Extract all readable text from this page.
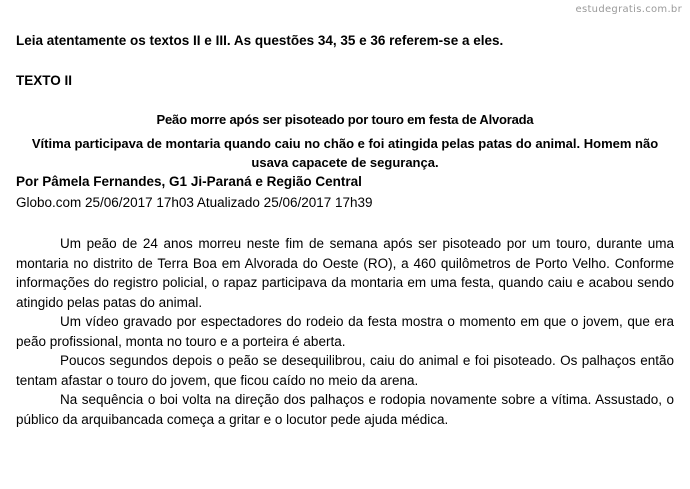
estudegratis.com.br

Leia atentamente os textos II e III. As questões 34, 35 e 36 referem-se a eles.

TEXTO II

Peão morre após ser pisoteado por touro em festa de Alvorada

Vítima participava de montaria quando caiu no chão e foi atingida pelas patas do animal. Homem não usava capacete de segurança.

Por Pâmela Fernandes, G1 Ji-Paraná e Região Central

Globo.com 25/06/2017 17h03 Atualizado 25/06/2017 17h39

Um peão de 24 anos morreu neste fim de semana após ser pisoteado por um touro, durante uma montaria no distrito de Terra Boa em Alvorada do Oeste (RO), a 460 quilômetros de Porto Velho. Conforme informações do registro policial, o rapaz participava da montaria em uma festa, quando caiu e acabou sendo atingido pelas patas do animal.

Um vídeo gravado por espectadores do rodeio da festa mostra o momento em que o jovem, que era peão profissional, monta no touro e a porteira é aberta.

Poucos segundos depois o peão se desequilibrou, caiu do animal e foi pisoteado. Os palhaços então tentam afastar o touro do jovem, que ficou caído no meio da arena.

Na sequência o boi volta na direção dos palhaços e rodopia novamente sobre a vítima. Assustado, o público da arquibancada começa a gritar e o locutor pede ajuda médica.
